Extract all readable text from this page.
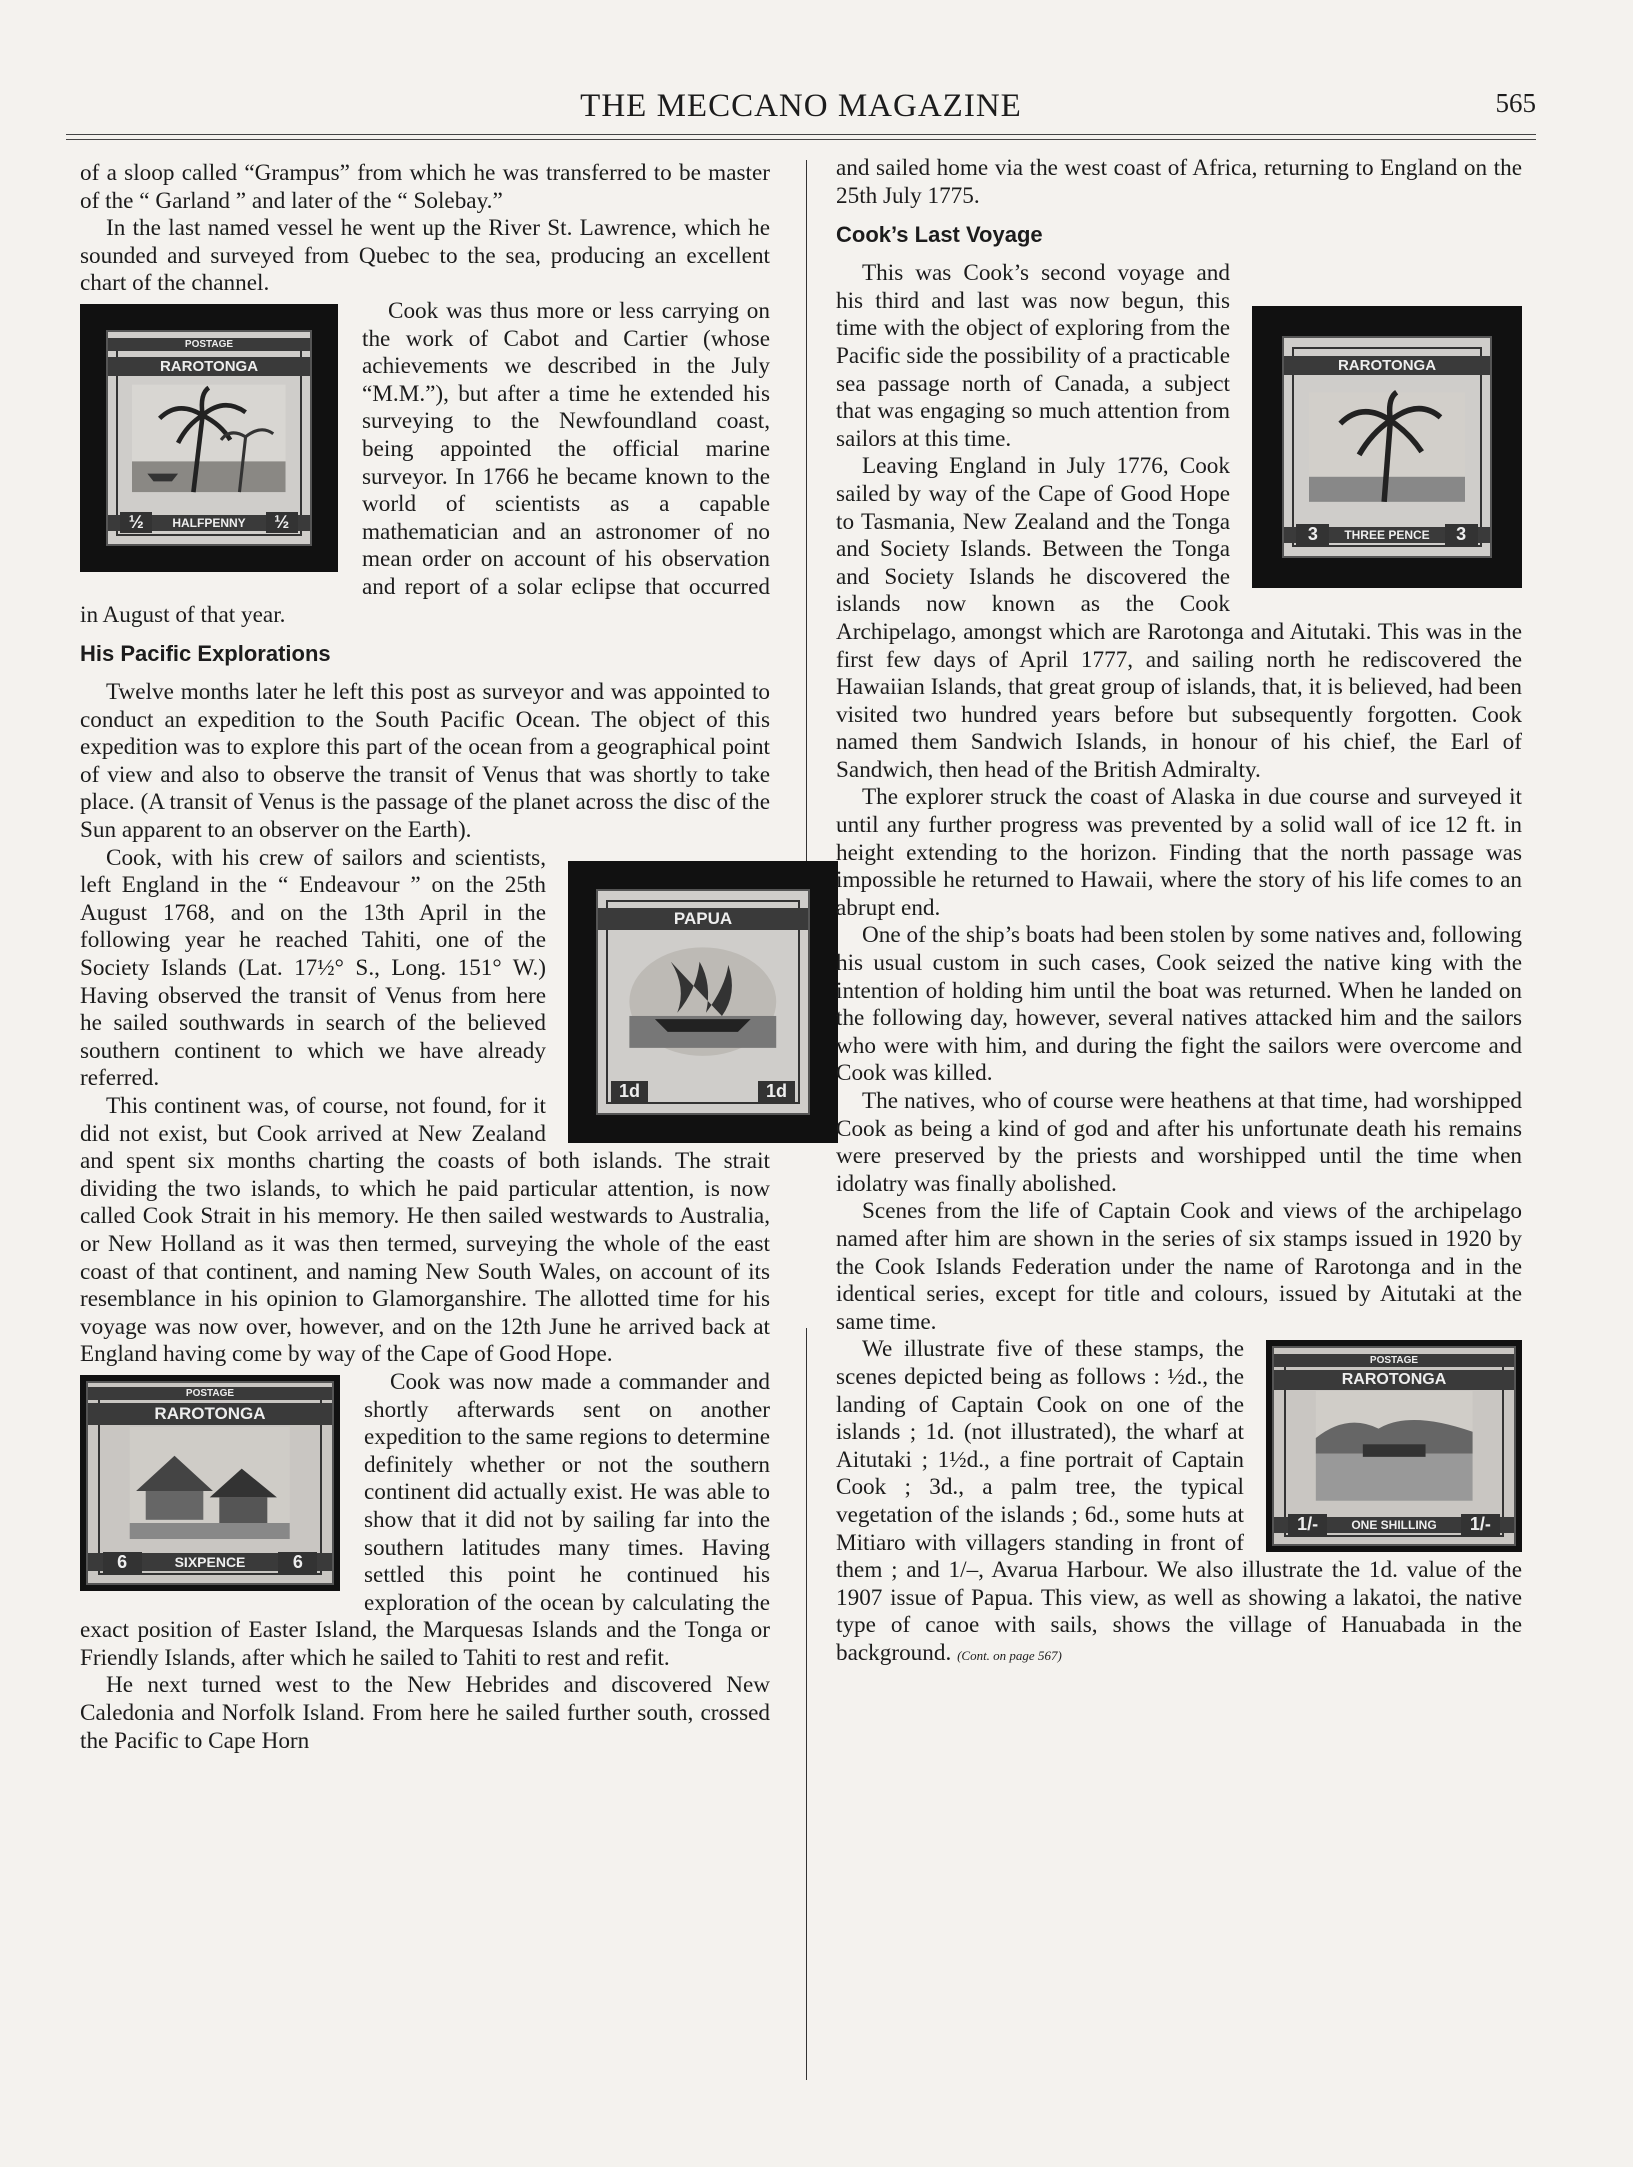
THE MECCANO MAGAZINE	565

of a sloop called “Grampus” from which he was transferred to be master of the “ Garland ” and later of the “ Solebay.”

In the last named vessel he went up the River St. Lawrence, which he sounded and surveyed from Quebec to the sea, producing an excellent chart of the channel.

POSTAGE
RAROTONGA
HALFPENNY
½	½

Cook was thus more or less carrying on the work of Cabot and Cartier (whose achievements we described in the July “M.M.”), but after a time he extended his surveying to the Newfoundland coast, being appointed the official marine surveyor. In 1766 he became known to the world of scientists as a capable mathematician and an astronomer of no mean order on account of his observation and report of a solar eclipse that occurred in August of that year.

His Pacific Explorations

Twelve months later he left this post as surveyor and was appointed to conduct an expedition to the South Pacific Ocean. The object of this expedition was to explore this part of the ocean from a geographical point of view and also to observe the transit of Venus that was shortly to take place. (A transit of Venus is the passage of the planet across the disc of the Sun apparent to an observer on the Earth).

PAPUA
1d	1d

Cook, with his crew of sailors and scientists, left England in the “ Endeavour ” on the 25th August 1768, and on the 13th April in the following year he reached Tahiti, one of the Society Islands (Lat. 17½° S., Long. 151° W.) Having observed the transit of Venus from here he sailed southwards in search of the believed southern continent to which we have already referred.

This continent was, of course, not found, for it did not exist, but Cook arrived at New Zealand and spent six months charting the coasts of both islands. The strait dividing the two islands, to which he paid particular attention, is now called Cook Strait in his memory. He then sailed westwards to Australia, or New Holland as it was then termed, surveying the whole of the east coast of that continent, and naming New South Wales, on account of its resemblance in his opinion to Glamorganshire. The allotted time for his voyage was now over, however, and on the 12th June he arrived back at England having come by way of the Cape of Good Hope.

POSTAGE
RAROTONGA
SIXPENCE
6	6

Cook was now made a commander and shortly afterwards sent on another expedition to the same regions to determine definitely whether or not the southern continent did actually exist. He was able to show that it did not by sailing far into the southern latitudes many times. Having settled this point he continued his exploration of the ocean by calculating the exact position of Easter Island, the Marquesas Islands and the Tonga or Friendly Islands, after which he sailed to Tahiti to rest and refit.

He next turned west to the New Hebrides and discovered New Caledonia and Norfolk Island. From here he sailed further south, crossed the Pacific to Cape Horn

and sailed home via the west coast of Africa, returning to England on the 25th July 1775.

Cook’s Last Voyage
RAROTONGA
THREE PENCE
3	3

This was Cook’s second voyage and his third and last was now begun, this time with the object of exploring from the Pacific side the possibility of a practicable sea passage north of Canada, a subject that was engaging so much attention from sailors at this time.

Leaving England in July 1776, Cook sailed by way of the Cape of Good Hope to Tasmania, New Zealand and the Tonga and Society Islands. Between the Tonga and Society Islands he discovered the islands now known as the Cook Archipelago, amongst which are Rarotonga and Aitutaki. This was in the first few days of April 1777, and sailing north he rediscovered the Hawaiian Islands, that great group of islands, that, it is believed, had been visited two hundred years before but subsequently forgotten. Cook named them Sandwich Islands, in honour of his chief, the Earl of Sandwich, then head of the British Admiralty.

The explorer struck the coast of Alaska in due course and surveyed it until any further progress was prevented by a solid wall of ice 12 ft. in height extending to the horizon. Finding that the north passage was impossible he returned to Hawaii, where the story of his life comes to an abrupt end.

One of the ship’s boats had been stolen by some natives and, following his usual custom in such cases, Cook seized the native king with the intention of holding him until the boat was returned. When he landed on the following day, however, several natives attacked him and the sailors who were with him, and during the fight the sailors were overcome and Cook was killed.

The natives, who of course were heathens at that time, had worshipped Cook as being a kind of god and after his unfortunate death his remains were preserved by the priests and worshipped until the time when idolatry was finally abolished.

Scenes from the life of Captain Cook and views of the archipelago named after him are shown in the series of six stamps issued in 1920 by the Cook Islands Federation under the name of Rarotonga and in the identical series, except for title and colours, issued by Aitutaki at the same time.

POSTAGE
RAROTONGA
ONE SHILLING
1/-	1/-

We illustrate five of these stamps, the scenes depicted being as follows : ½d., the landing of Captain Cook on one of the islands ; 1d. (not illustrated), the wharf at Aitutaki ; 1½d., a fine portrait of Captain Cook ; 3d., a palm tree, the typical vegetation of the islands ; 6d., some huts at Mitiaro with villagers standing in front of them ; and 1/–, Avarua Harbour. We also illustrate the 1d. value of the 1907 issue of Papua. This view, as well as showing a lakatoi, the native type of canoe with sails, shows the village of Hanuabada in the background. (Cont. on page 567)
